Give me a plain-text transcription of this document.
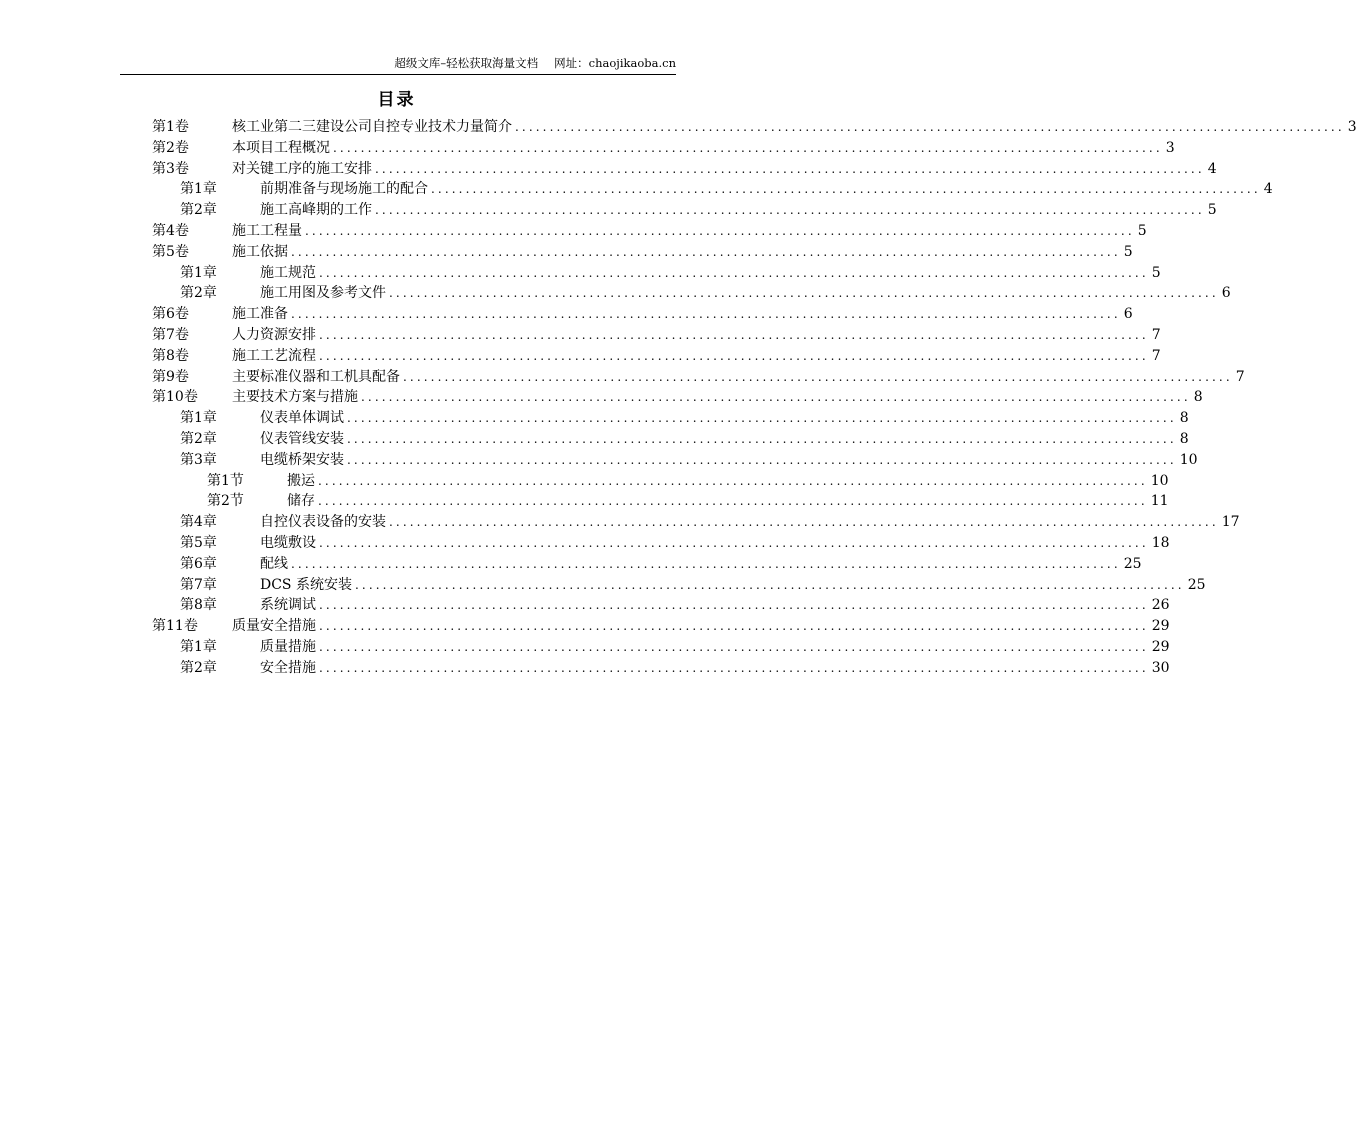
超级文库–轻松获取海量文档 网址：chaojikaoba.cn
目录
第1卷	核工业第二三建设公司自控专业技术力量简介 ........................................................................................................................ 3
第2卷	本项目工程概况 ........................................................................................................................ 3
第3卷	对关键工序的施工安排 ........................................................................................................................ 4
第1章	前期准备与现场施工的配合 ........................................................................................................................ 4
第2章	施工高峰期的工作 ........................................................................................................................ 5
第4卷	施工工程量 ........................................................................................................................ 5
第5卷	施工依据 ........................................................................................................................ 5
第1章	施工规范 ........................................................................................................................ 5
第2章	施工用图及参考文件 ........................................................................................................................ 6
第6卷	施工准备 ........................................................................................................................ 6
第7卷	人力资源安排 ........................................................................................................................ 7
第8卷	施工工艺流程 ........................................................................................................................ 7
第9卷	主要标准仪器和工机具配备 ........................................................................................................................ 7
第10卷	主要技术方案与措施 ........................................................................................................................ 8
第1章	仪表单体调试 ........................................................................................................................ 8
第2章	仪表管线安装 ........................................................................................................................ 8
第3章	电缆桥架安装 ........................................................................................................................ 10
第1节	搬运 ........................................................................................................................ 10
第2节	储存 ........................................................................................................................ 11
第4章	自控仪表设备的安装 ........................................................................................................................ 17
第5章	电缆敷设 ........................................................................................................................ 18
第6章	配线 ........................................................................................................................ 25
第7章	DCS 系统安装 ........................................................................................................................ 25
第8章	系统调试 ........................................................................................................................ 26
第11卷	质量安全措施 ........................................................................................................................ 29
第1章	质量措施 ........................................................................................................................ 29
第2章	安全措施 ........................................................................................................................ 30
